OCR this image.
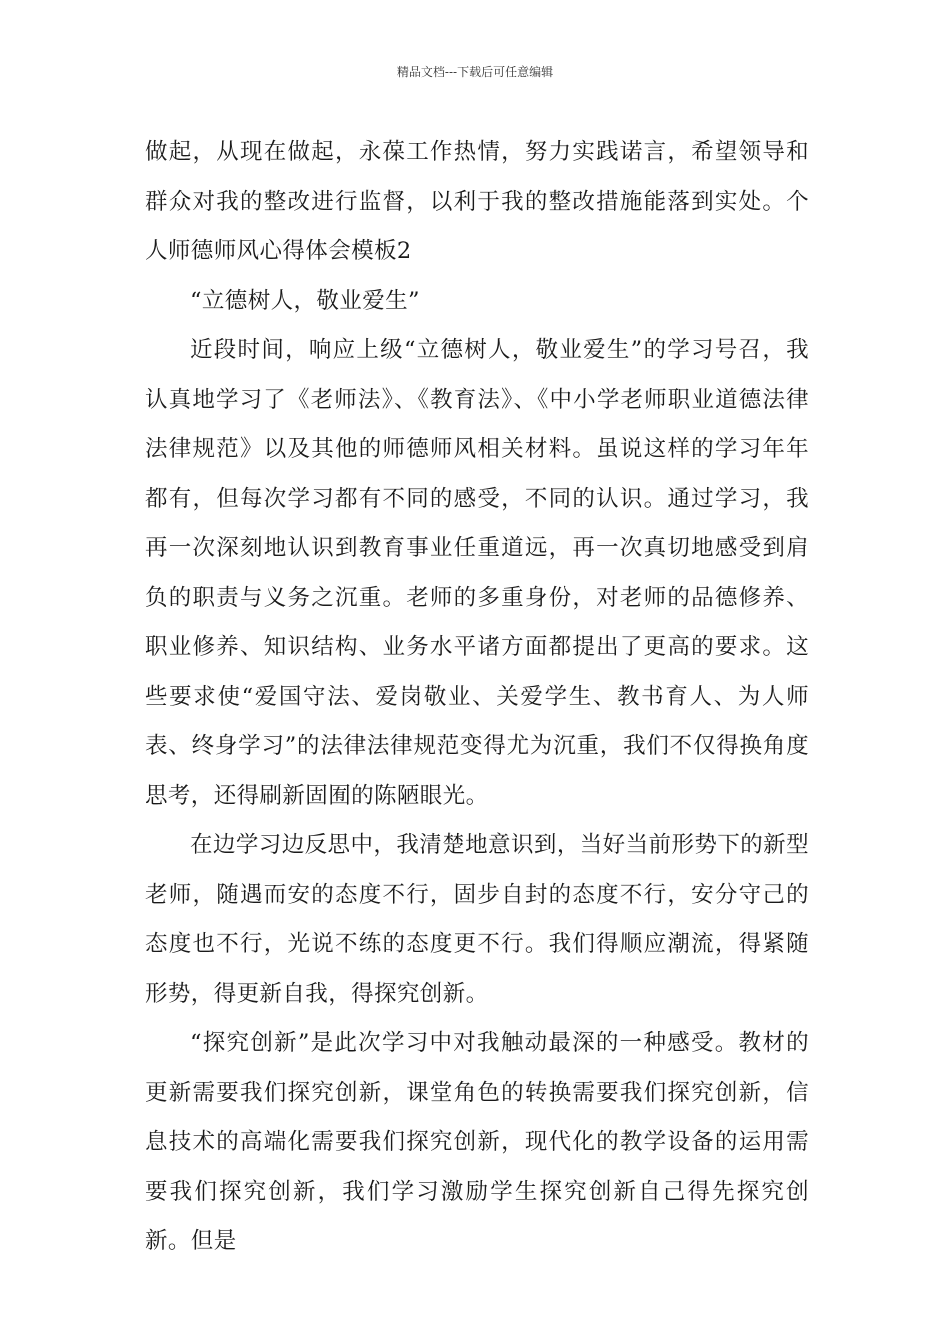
精品文档---下载后可任意编辑

做起，从现在做起，永葆工作热情，努力实践诺言，希望领导和群众对我的整改进行监督，以利于我的整改措施能落到实处。个人师德师风心得体会模板2

“立德树人，敬业爱生”

近段时间，响应上级“立德树人，敬业爱生”的学习号召，我认真地学习了《老师法》、《教育法》、《中小学老师职业道德法律法律规范》以及其他的师德师风相关材料。虽说这样的学习年年都有，但每次学习都有不同的感受，不同的认识。通过学习，我再一次深刻地认识到教育事业任重道远，再一次真切地感受到肩负的职责与义务之沉重。老师的多重身份，对老师的品德修养、职业修养、知识结构、业务水平诸方面都提出了更高的要求。这些要求使“爱国守法、爱岗敬业、关爱学生、教书育人、为人师表、终身学习”的法律法律规范变得尤为沉重，我们不仅得换角度思考，还得刷新固囿的陈陋眼光。

在边学习边反思中，我清楚地意识到，当好当前形势下的新型老师，随遇而安的态度不行，固步自封的态度不行，安分守己的态度也不行，光说不练的态度更不行。我们得顺应潮流，得紧随形势，得更新自我，得探究创新。

“探究创新”是此次学习中对我触动最深的一种感受。教材的更新需要我们探究创新，课堂角色的转换需要我们探究创新，信息技术的高端化需要我们探究创新，现代化的教学设备的运用需要我们探究创新，我们学习激励学生探究创新自己得先探究创新。但是
